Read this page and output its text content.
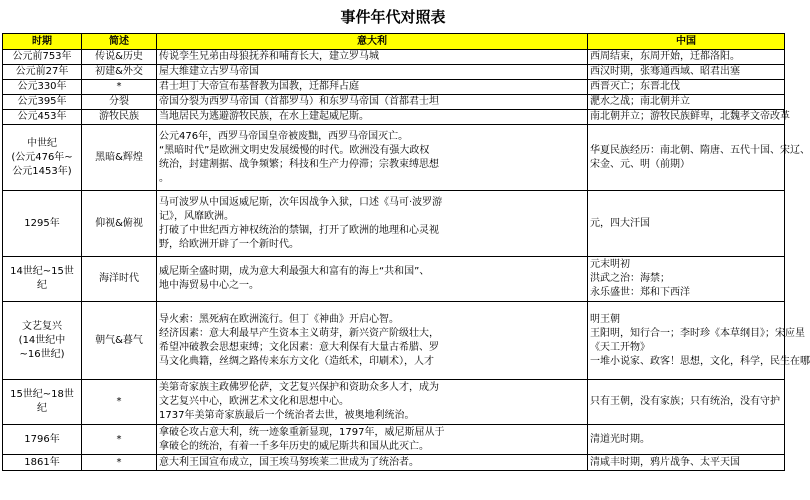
事件年代对照表
时期	简述	意大利	中国

公元前753年	传说&历史	传说孪生兄弟由母狼抚养和哺育长大，建立罗马城	西周结束，东周开始，迁都洛阳。

公元前27年	初建&外交	屋大维建立古罗马帝国	西汉时期，张骞通西域、昭君出塞

公元330年	*	君士坦丁大帝宣布基督教为国教，迁都拜占庭	西晋灭亡；东晋北伐

公元395年	分裂	帝国分裂为西罗马帝国（首都罗马）和东罗马帝国（首都君士坦	淝水之战；南北朝并立

公元453年	游牧民族	当地居民为逃避游牧民族，在水上建起威尼斯。	南北朝并立；游牧民族鲜卑，北魏孝文帝改革

中世纪
(公元476年~
公元1453年)	黑暗&辉煌	公元476年，西罗马帝国皇帝被废黜，西罗马帝国灭亡。
“黑暗时代”是欧洲文明史发展缓慢的时代。欧洲没有强大政权
统治，封建割据、战争频繁；科技和生产力停滞；宗教束缚思想
。	华夏民族经历：南北朝、隋唐、五代十国、宋辽、
宋金、元、明（前期）

1295年	仰视&俯视	马可波罗从中国返威尼斯，次年因战争入狱，口述《马可·波罗游
记》，风靡欧洲。
打破了中世纪西方神权统治的禁锢，打开了欧洲的地理和心灵视
野，给欧洲开辟了一个新时代。	元，四大汗国

14世纪~15世
纪	海洋时代	威尼斯全盛时期，成为意大利最强大和富有的海上“共和国”、
地中海贸易中心之一。	元末明初
洪武之治：海禁；
永乐盛世：郑和下西洋

文艺复兴
(14世纪中
~16世纪)	朝气&暮气	导火索：黑死病在欧洲流行。但丁《神曲》开启心智。
经济因素：意大利最早产生资本主义萌芽，新兴资产阶级壮大，
希望冲破教会思想束缚；文化因素：意大利保有大量古希腊、罗
马文化典籍，丝绸之路传来东方文化（造纸术，印刷术），人才	明王朝
王阳明，知行合一；李时珍《本草纲目》；宋应星
《天工开物》
一堆小说家、政客！思想，文化，科学，民生在哪

15世纪~18世
纪	*	美第奇家族主政佛罗伦萨，文艺复兴保护和资助众多人才，成为
文艺复兴中心，欧洲艺术文化和思想中心。
1737年美第奇家族最后一个统治者去世，被奥地利统治。	只有王朝，没有家族；只有统治，没有守护

1796年	*	拿破仑攻占意大利，统一迹象重新显现，1797年，威尼斯屈从于
拿破仑的统治，有着一千多年历史的威尼斯共和国从此灭亡。	清道光时期。

1861年	*	意大利王国宣布成立，国王埃马努埃莱二世成为了统治者。	清咸丰时期，鸦片战争、太平天国
